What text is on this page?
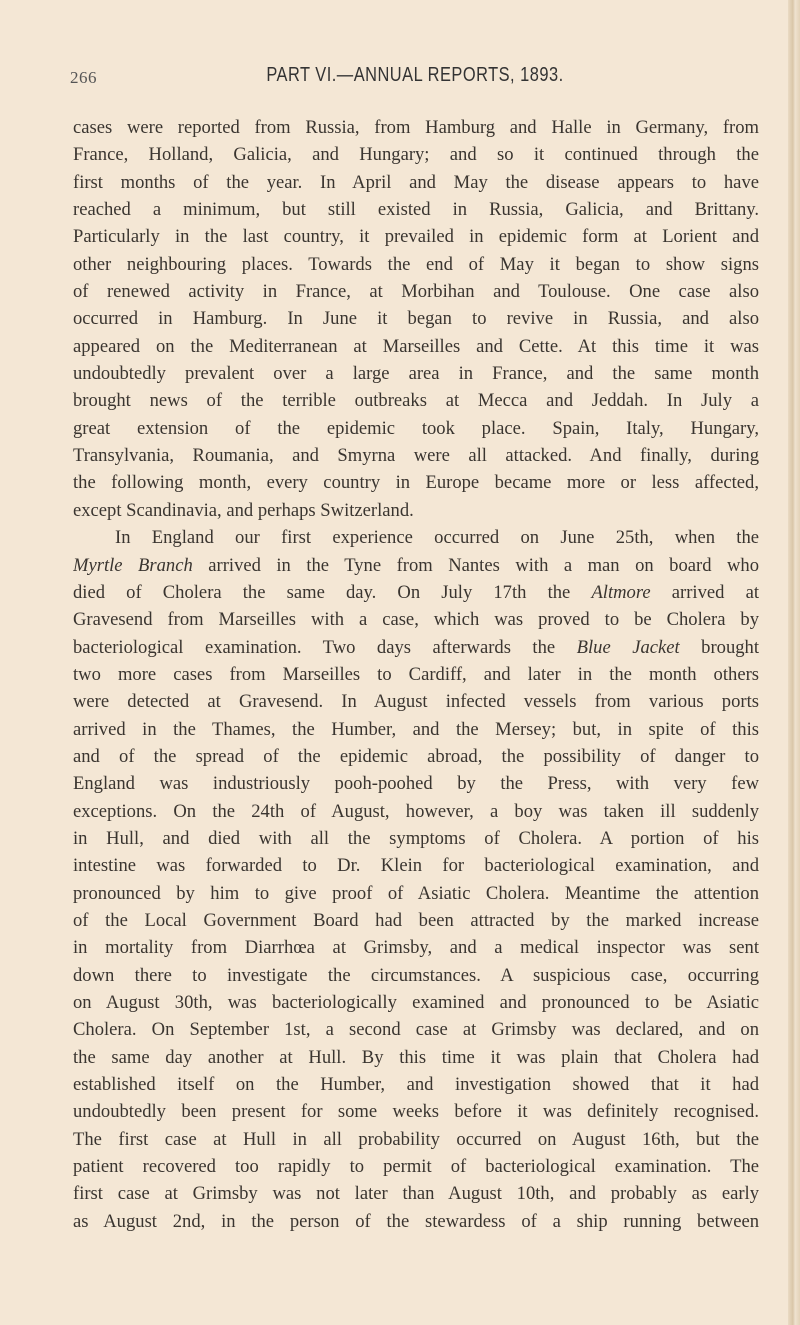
266	PART VI.—ANNUAL REPORTS, 1893.
cases were reported from Russia, from Hamburg and Halle in Germany, from
France, Holland, Galicia, and Hungary; and so it continued through the
first months of the year. In April and May the disease appears to have
reached a minimum, but still existed in Russia, Galicia, and Brittany.
Particularly in the last country, it prevailed in epidemic form at Lorient and
other neighbouring places. Towards the end of May it began to show signs
of renewed activity in France, at Morbihan and Toulouse. One case also
occurred in Hamburg. In June it began to revive in Russia, and also
appeared on the Mediterranean at Marseilles and Cette. At this time it was
undoubtedly prevalent over a large area in France, and the same month
brought news of the terrible outbreaks at Mecca and Jeddah. In July a
great extension of the epidemic took place. Spain, Italy, Hungary,
Transylvania, Roumania, and Smyrna were all attacked. And finally, during
the following month, every country in Europe became more or less affected,
except Scandinavia, and perhaps Switzerland.
In England our first experience occurred on June 25th, when the
Myrtle Branch arrived in the Tyne from Nantes with a man on board who
died of Cholera the same day. On July 17th the Altmore arrived at
Gravesend from Marseilles with a case, which was proved to be Cholera by
bacteriological examination. Two days afterwards the Blue Jacket brought
two more cases from Marseilles to Cardiff, and later in the month others
were detected at Gravesend. In August infected vessels from various ports
arrived in the Thames, the Humber, and the Mersey; but, in spite of this
and of the spread of the epidemic abroad, the possibility of danger to
England was industriously pooh-poohed by the Press, with very few
exceptions. On the 24th of August, however, a boy was taken ill suddenly
in Hull, and died with all the symptoms of Cholera. A portion of his
intestine was forwarded to Dr. Klein for bacteriological examination, and
pronounced by him to give proof of Asiatic Cholera. Meantime the attention
of the Local Government Board had been attracted by the marked increase
in mortality from Diarrhœa at Grimsby, and a medical inspector was sent
down there to investigate the circumstances. A suspicious case, occurring
on August 30th, was bacteriologically examined and pronounced to be Asiatic
Cholera. On September 1st, a second case at Grimsby was declared, and on
the same day another at Hull. By this time it was plain that Cholera had
established itself on the Humber, and investigation showed that it had
undoubtedly been present for some weeks before it was definitely recognised.
The first case at Hull in all probability occurred on August 16th, but the
patient recovered too rapidly to permit of bacteriological examination. The
first case at Grimsby was not later than August 10th, and probably as early
as August 2nd, in the person of the stewardess of a ship running between
